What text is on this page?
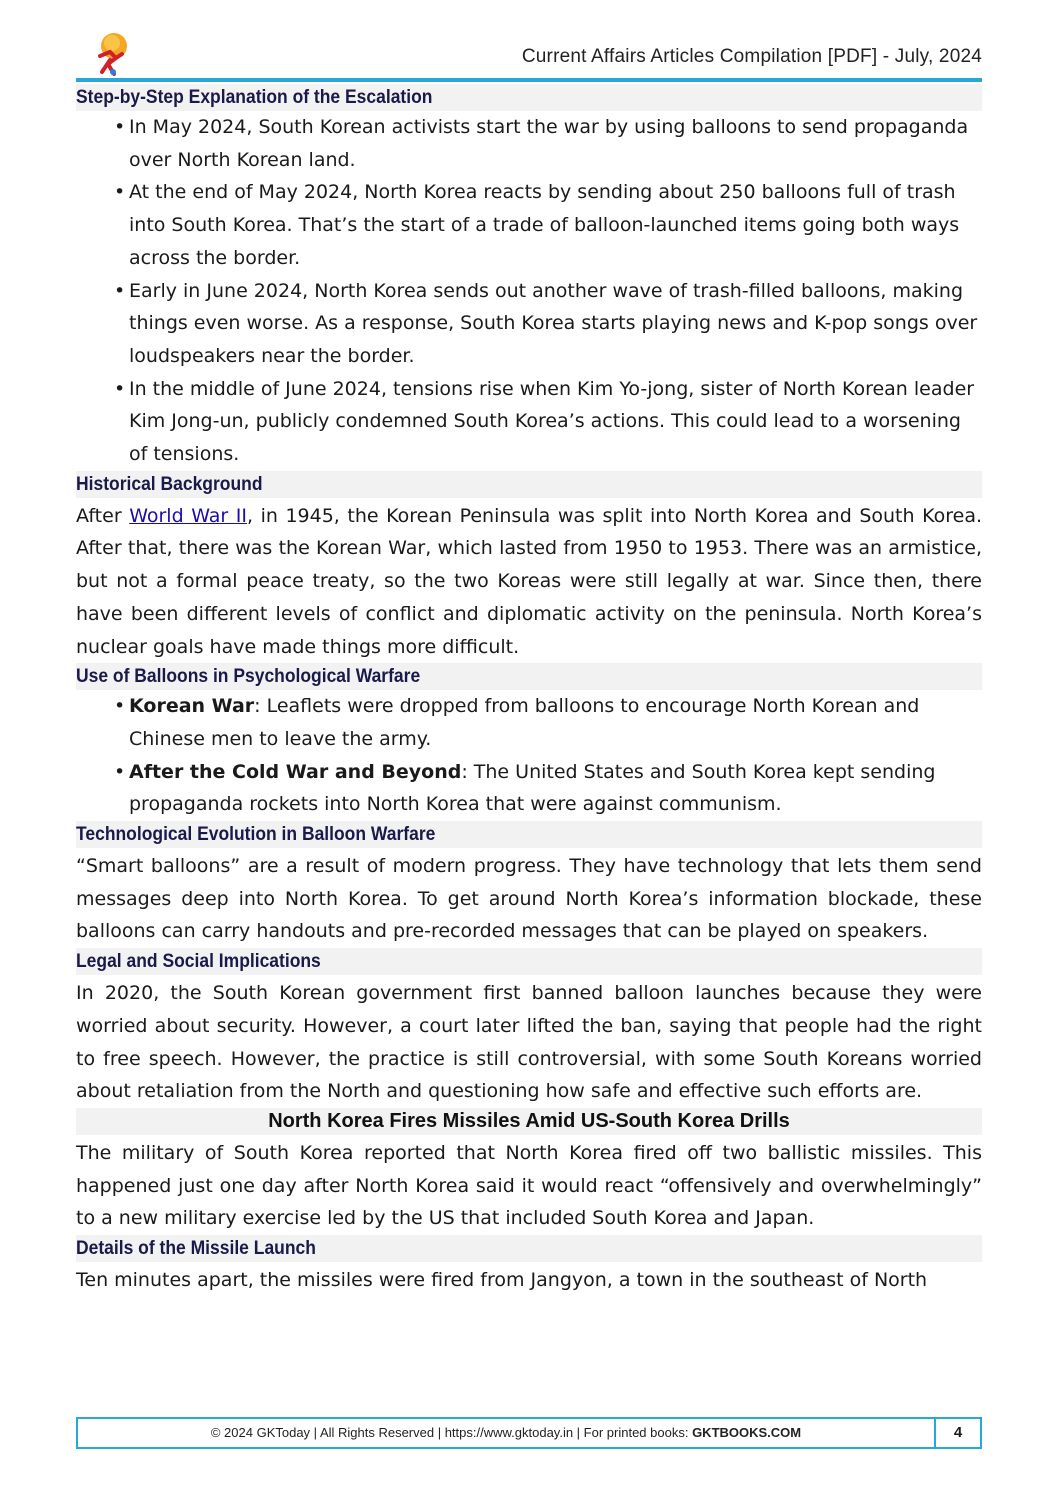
Current Affairs Articles Compilation [PDF] - July, 2024
Step-by-Step Explanation of the Escalation
• In May 2024, South Korean activists start the war by using balloons to send propaganda over North Korean land.
• At the end of May 2024, North Korea reacts by sending about 250 balloons full of trash into South Korea. That’s the start of a trade of balloon-launched items going both ways across the border.
• Early in June 2024, North Korea sends out another wave of trash-filled balloons, making things even worse. As a response, South Korea starts playing news and K-pop songs over loudspeakers near the border.
• In the middle of June 2024, tensions rise when Kim Yo-jong, sister of North Korean leader Kim Jong-un, publicly condemned South Korea’s actions. This could lead to a worsening of tensions.
Historical Background

After World War II, in 1945, the Korean Peninsula was split into North Korea and South Korea. After that, there was the Korean War, which lasted from 1950 to 1953. There was an armistice, but not a formal peace treaty, so the two Koreas were still legally at war. Since then, there have been different levels of conflict and diplomatic activity on the peninsula. North Korea’s nuclear goals have made things more difficult.

Use of Balloons in Psychological Warfare
• Korean War: Leaflets were dropped from balloons to encourage North Korean and Chinese men to leave the army.
• After the Cold War and Beyond: The United States and South Korea kept sending propaganda rockets into North Korea that were against communism.
Technological Evolution in Balloon Warfare

“Smart balloons” are a result of modern progress. They have technology that lets them send messages deep into North Korea. To get around North Korea’s information blockade, these balloons can carry handouts and pre-recorded messages that can be played on speakers.

Legal and Social Implications

In 2020, the South Korean government first banned balloon launches because they were worried about security. However, a court later lifted the ban, saying that people had the right to free speech. However, the practice is still controversial, with some South Koreans worried about retaliation from the North and questioning how safe and effective such efforts are.

North Korea Fires Missiles Amid US-South Korea Drills

The military of South Korea reported that North Korea fired off two ballistic missiles. This happened just one day after North Korea said it would react “offensively and overwhelmingly” to a new military exercise led by the US that included South Korea and Japan.

Details of the Missile Launch

Ten minutes apart, the missiles were fired from Jangyon, a town in the southeast of North

© 2024 GKToday | All Rights Reserved | https://www.gktoday.in | For printed books: GKTBOOKS.COM	4
